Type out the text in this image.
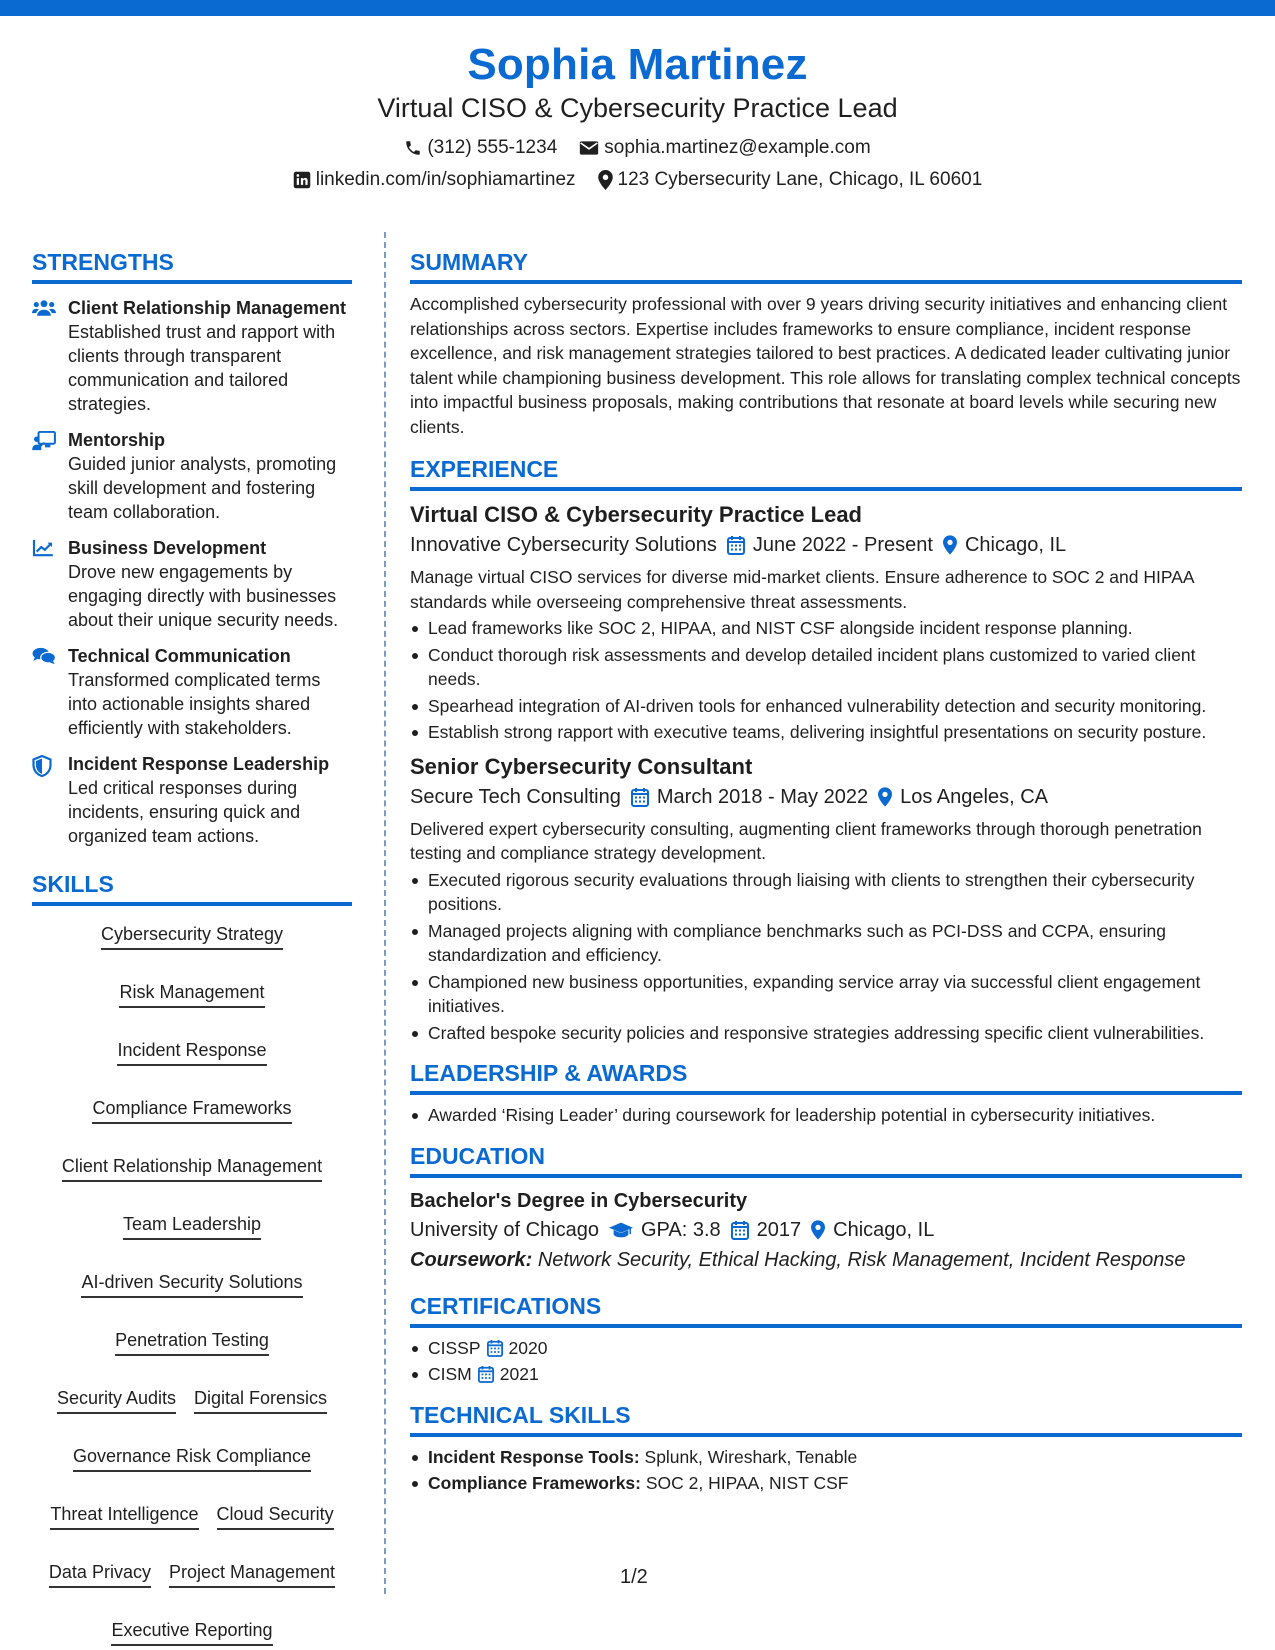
Sophia Martinez
Virtual CISO & Cybersecurity Practice Lead
(312) 555-1234 sophia.martinez@example.com
linkedin.com/in/sophiamartinez 123 Cybersecurity Lane, Chicago, IL 60601
STRENGTHS
Client Relationship Management
Established trust and rapport with clients through transparent communication and tailored strategies.
Mentorship
Guided junior analysts, promoting skill development and fostering team collaboration.
Business Development
Drove new engagements by engaging directly with businesses about their unique security needs.
Technical Communication
Transformed complicated terms into actionable insights shared efficiently with stakeholders.
Incident Response Leadership
Led critical responses during incidents, ensuring quick and organized team actions.
SKILLS
Cybersecurity Strategy
Risk Management
Incident Response
Compliance Frameworks
Client Relationship Management
Team Leadership
AI-driven Security Solutions
Penetration Testing
Security Audits Digital Forensics
Governance Risk Compliance
Threat Intelligence Cloud Security
Data Privacy Project Management
Executive Reporting
SUMMARY

Accomplished cybersecurity professional with over 9 years driving security initiatives and enhancing client relationships across sectors. Expertise includes frameworks to ensure compliance, incident response excellence, and risk management strategies tailored to best practices. A dedicated leader cultivating junior talent while championing business development. This role allows for translating complex technical concepts into impactful business proposals, making contributions that resonate at board levels while securing new clients.

EXPERIENCE
Virtual CISO & Cybersecurity Practice Lead
Innovative Cybersecurity Solutions June 2022 - Present Chicago, IL

Manage virtual CISO services for diverse mid-market clients. Ensure adherence to SOC 2 and HIPAA standards while overseeing comprehensive threat assessments.

Lead frameworks like SOC 2, HIPAA, and NIST CSF alongside incident response planning.
Conduct thorough risk assessments and develop detailed incident plans customized to varied client needs.
Spearhead integration of AI-driven tools for enhanced vulnerability detection and security monitoring.
Establish strong rapport with executive teams, delivering insightful presentations on security posture.
Senior Cybersecurity Consultant
Secure Tech Consulting March 2018 - May 2022 Los Angeles, CA

Delivered expert cybersecurity consulting, augmenting client frameworks through thorough penetration testing and compliance strategy development.

Executed rigorous security evaluations through liaising with clients to strengthen their cybersecurity positions.
Managed projects aligning with compliance benchmarks such as PCI-DSS and CCPA, ensuring standardization and efficiency.
Championed new business opportunities, expanding service array via successful client engagement initiatives.
Crafted bespoke security policies and responsive strategies addressing specific client vulnerabilities.
LEADERSHIP & AWARDS
Awarded ‘Rising Leader’ during coursework for leadership potential in cybersecurity initiatives.
EDUCATION
Bachelor's Degree in Cybersecurity
University of Chicago GPA: 3.8 2017 Chicago, IL
Coursework: Network Security, Ethical Hacking, Risk Management, Incident Response
CERTIFICATIONS
CISSP 2020
CISM 2021
TECHNICAL SKILLS
Incident Response Tools: Splunk, Wireshark, Tenable
Compliance Frameworks: SOC 2, HIPAA, NIST CSF
1/2
